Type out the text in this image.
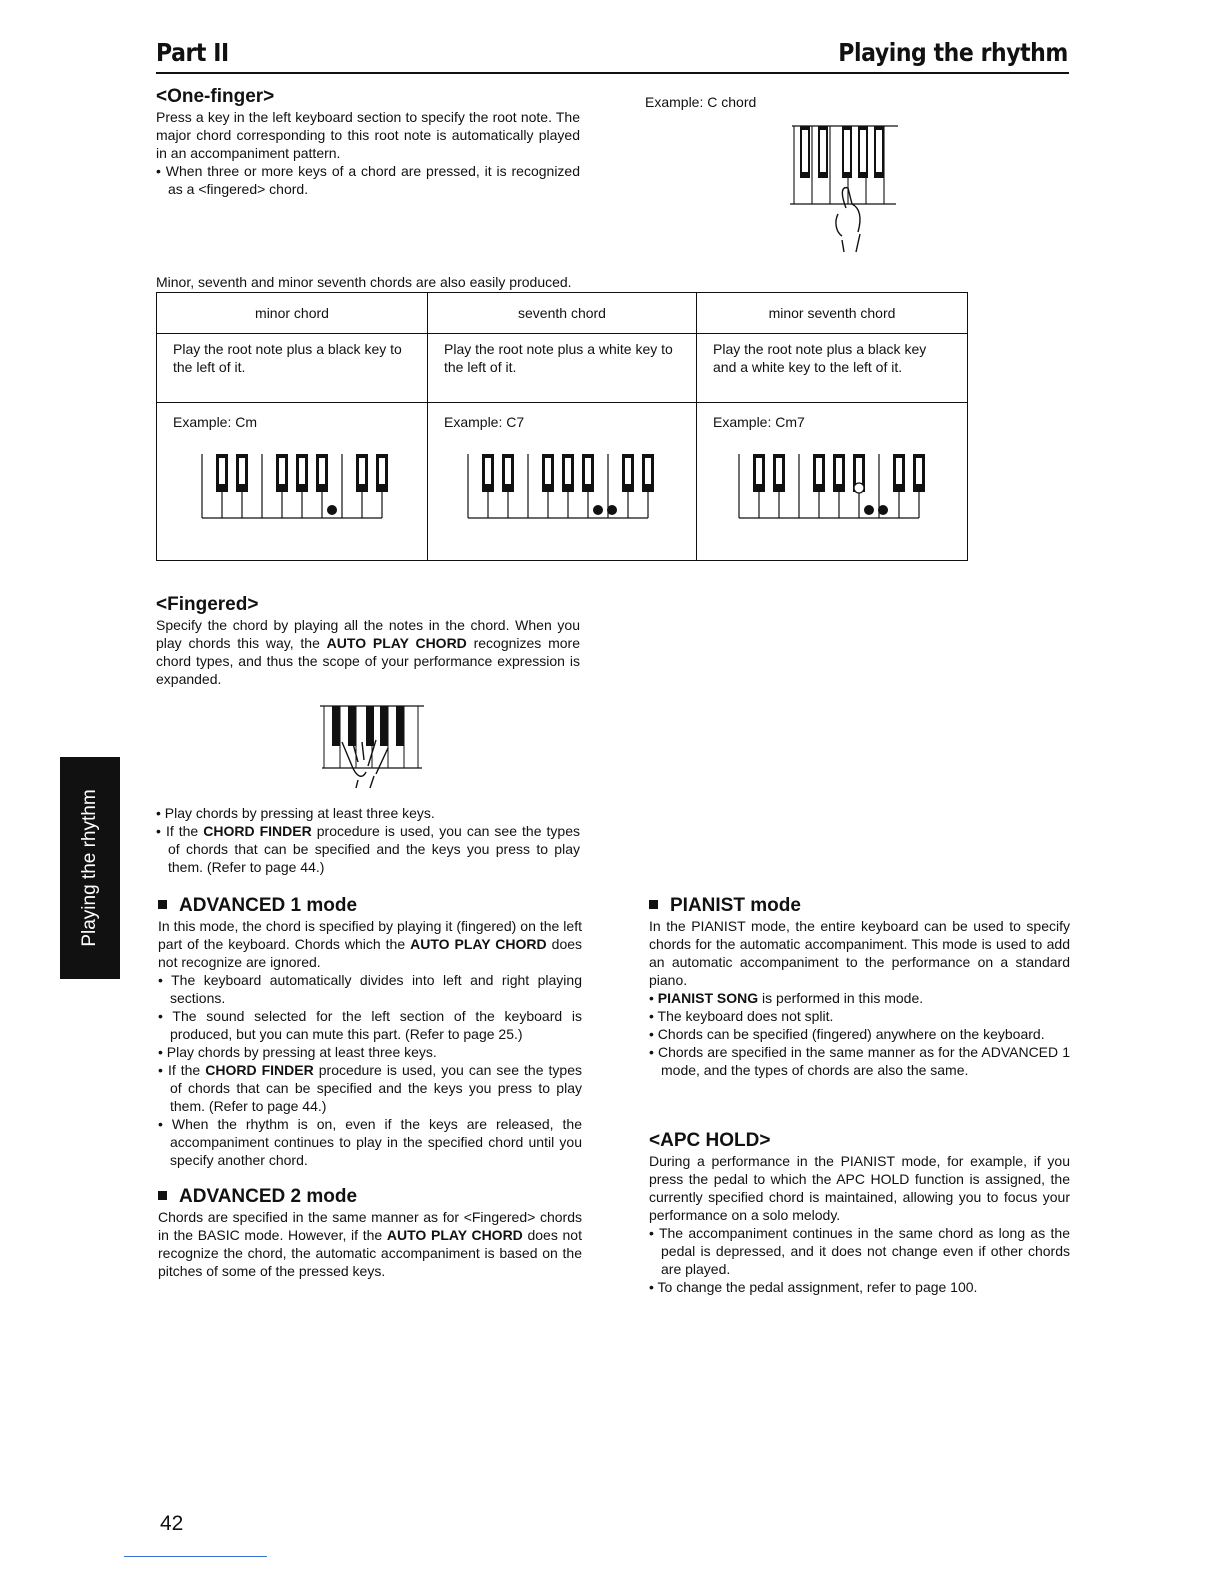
Part II	Playing the rhythm
<One-finger>

Press a key in the left keyboard section to specify the root note. The major chord corresponding to this root note is automatically played in an accompaniment pattern.

• When three or more keys of a chord are pressed, it is recognized as a <fingered> chord.
Example: C chord

Minor, seventh and minor seventh chords are also easily produced.

minor chord	seventh chord	minor seventh chord
Play the root note plus a black key to the left of it.	Play the root note plus a white key to the left of it.	Play the root note plus a black key and a white key to the left of it.

Example: Cm	Example: C7	Example: Cm7
<Fingered>

Specify the chord by playing all the notes in the chord. When you play chords this way, the AUTO PLAY CHORD recognizes more chord types, and thus the scope of your performance expression is expanded.

• Play chords by pressing at least three keys.
• If the CHORD FINDER procedure is used, you can see the types of chords that can be specified and the keys you press to play them. (Refer to page 44.)
ADVANCED 1 mode

In this mode, the chord is specified by playing it (fingered) on the left part of the keyboard. Chords which the AUTO PLAY CHORD does not recognize are ignored.

• The keyboard automatically divides into left and right playing sections.
• The sound selected for the left section of the keyboard is produced, but you can mute this part. (Refer to page 25.)
• Play chords by pressing at least three keys.
• If the CHORD FINDER procedure is used, you can see the types of chords that can be specified and the keys you press to play them. (Refer to page 44.)
• When the rhythm is on, even if the keys are released, the accompaniment continues to play in the specified chord until you specify another chord.
ADVANCED 2 mode

Chords are specified in the same manner as for <Fingered> chords in the BASIC mode. However, if the AUTO PLAY CHORD does not recognize the chord, the automatic accompaniment is based on the pitches of some of the pressed keys.

PIANIST mode

In the PIANIST mode, the entire keyboard can be used to specify chords for the automatic accompaniment. This mode is used to add an automatic accompaniment to the performance on a standard piano.

• PIANIST SONG is performed in this mode.
• The keyboard does not split.
• Chords can be specified (fingered) anywhere on the keyboard.
• Chords are specified in the same manner as for the ADVANCED 1 mode, and the types of chords are also the same.
<APC HOLD>

During a performance in the PIANIST mode, for example, if you press the pedal to which the APC HOLD function is assigned, the currently specified chord is maintained, allowing you to focus your performance on a solo melody.

• The accompaniment continues in the same chord as long as the pedal is depressed, and it does not change even if other chords are played.
• To change the pedal assignment, refer to page 100.
Playing the rhythm
42
